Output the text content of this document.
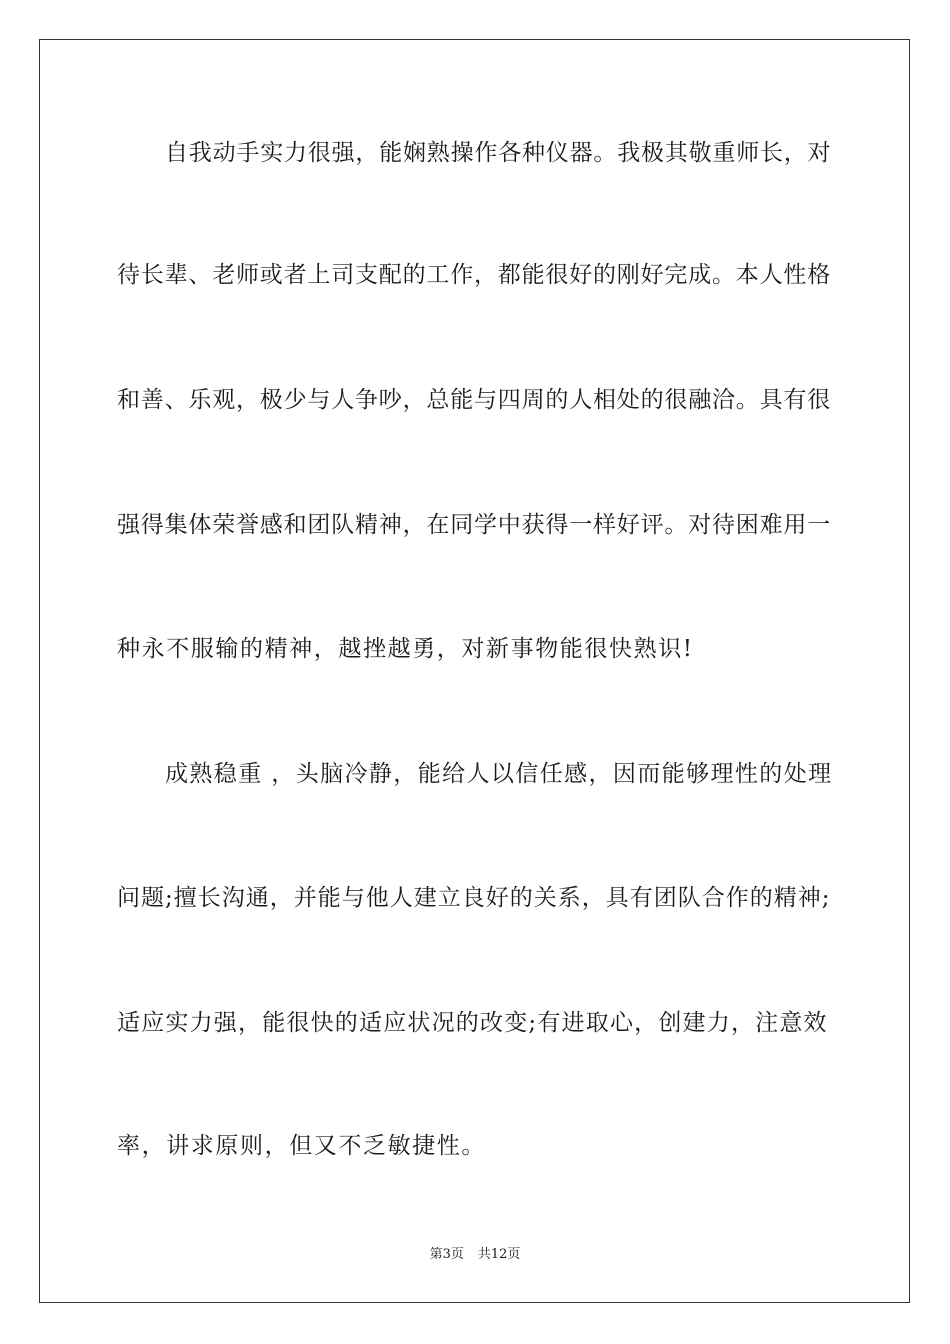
自我动手实力很强，能娴熟操作各种仪器。我极其敬重师长，对
待长辈、老师或者上司支配的工作，都能很好的刚好完成。本人性格
和善、乐观，极少与人争吵，总能与四周的人相处的很融洽。具有很
强得集体荣誉感和团队精神，在同学中获得一样好评。对待困难用一
种永不服输的精神，越挫越勇，对新事物能很快熟识!
成熟稳重 ，头脑冷静，能给人以信任感，因而能够理性的处理
问题;擅长沟通，并能与他人建立良好的关系，具有团队合作的精神;
适应实力强，能很快的适应状况的改变;有进取心，创建力，注意效
率，讲求原则，但又不乏敏捷性。
第3页 共12页
